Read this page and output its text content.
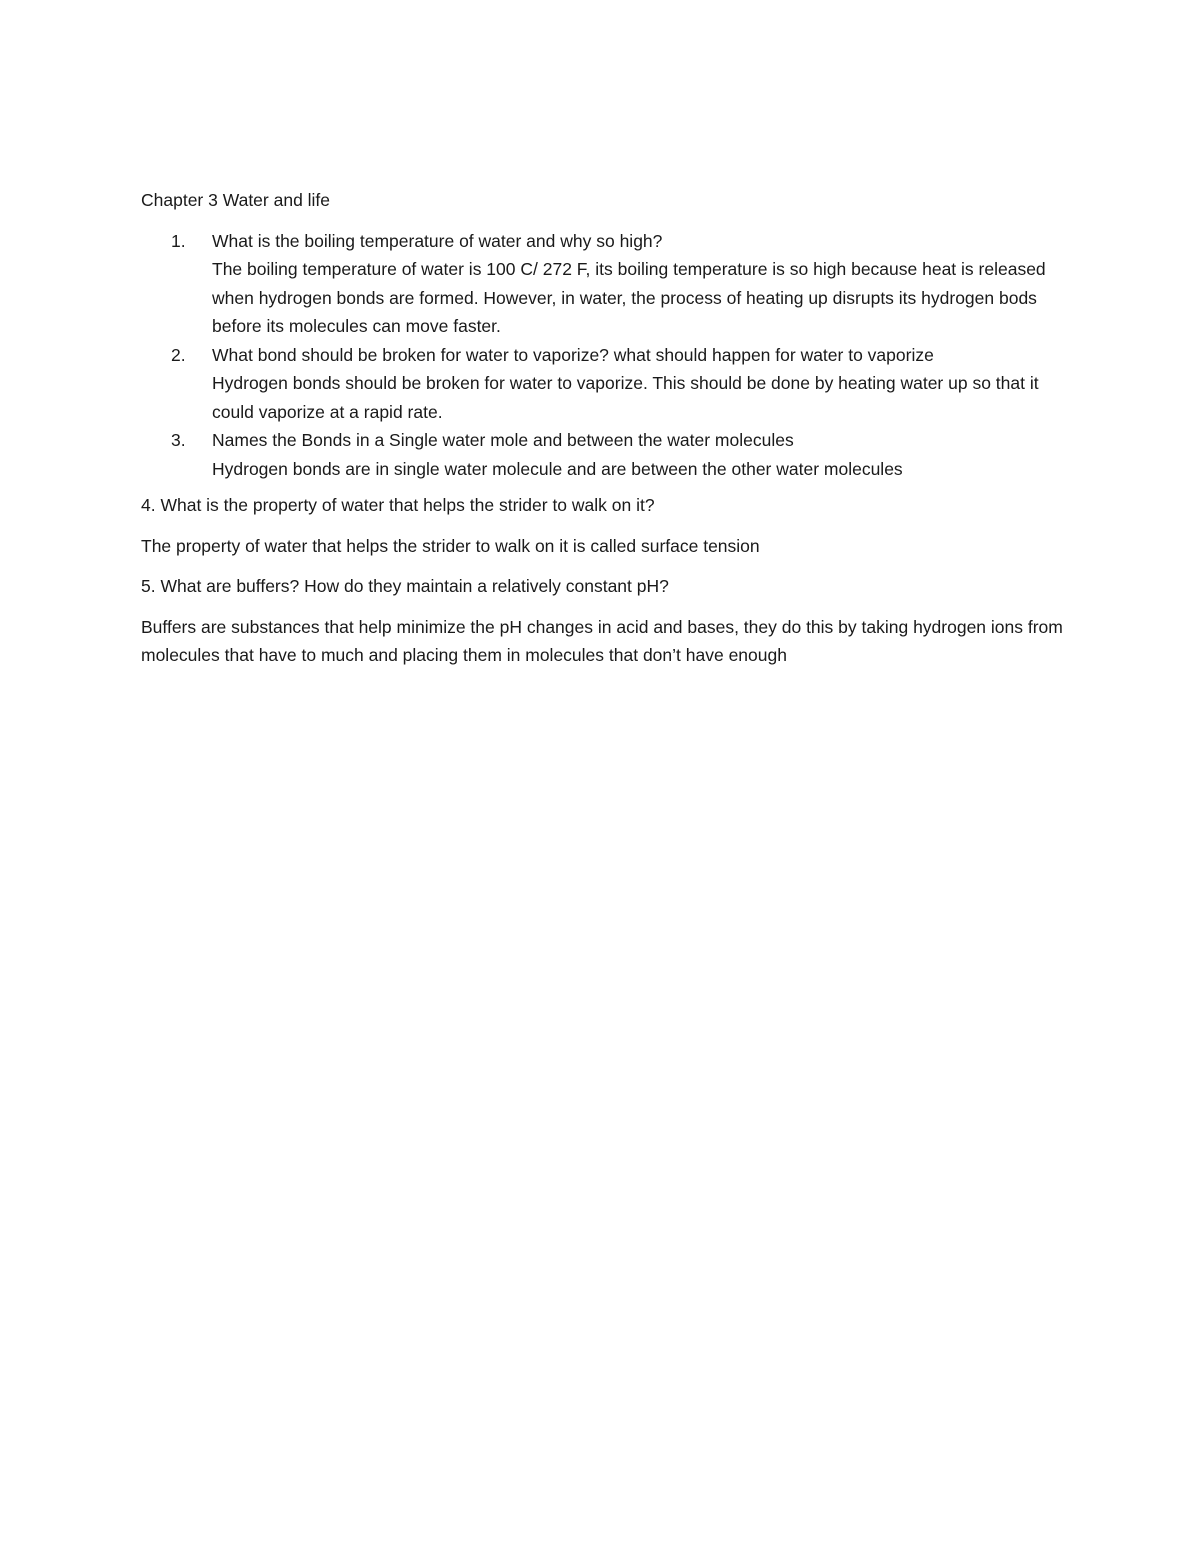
Chapter 3 Water and life

1. What is the boiling temperature of water and why so high?
The boiling temperature of water is 100 C/ 272 F, its boiling temperature is so high because heat is released when hydrogen bonds are formed. However, in water, the process of heating up disrupts its hydrogen bods before its molecules can move faster.
2. What bond should be broken for water to vaporize? what should happen for water to vaporize
Hydrogen bonds should be broken for water to vaporize. This should be done by heating water up so that it could vaporize at a rapid rate.
3. Names the Bonds in a Single water mole and between the water molecules
Hydrogen bonds are in single water molecule and are between the other water molecules

4. What is the property of water that helps the strider to walk on it?

The property of water that helps the strider to walk on it is called surface tension

5. What are buffers? How do they maintain a relatively constant pH?

Buffers are substances that help minimize the pH changes in acid and bases, they do this by taking hydrogen ions from molecules that have to much and placing them in molecules that don’t have enough
